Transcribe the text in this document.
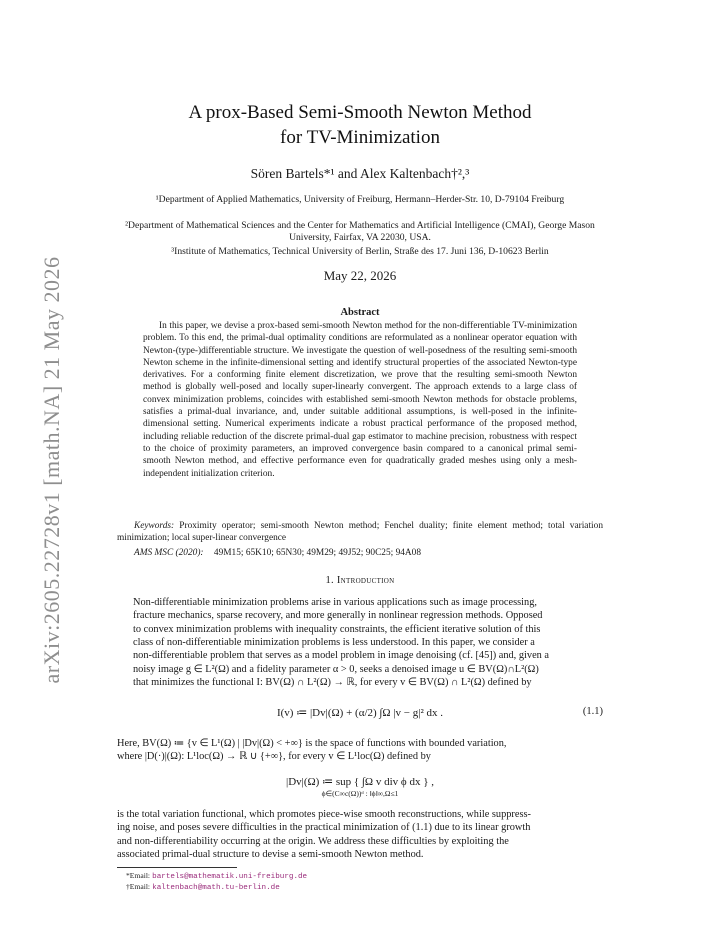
arXiv:2605.22728v1 [math.NA] 21 May 2026
A prox-Based Semi-Smooth Newton Method
for TV-Minimization
Sören Bartels*¹ and Alex Kaltenbach†²,³
¹Department of Applied Mathematics, University of Freiburg, Hermann–Herder-Str. 10, D-79104 Freiburg
²Department of Mathematical Sciences and the Center for Mathematics and Artificial Intelligence (CMAI), George Mason University, Fairfax, VA 22030, USA.
³Institute of Mathematics, Technical University of Berlin, Straße des 17. Juni 136, D-10623 Berlin
May 22, 2026
Abstract
In this paper, we devise a prox-based semi-smooth Newton method for the non-differentiable TV-minimization problem. To this end, the primal-dual optimality conditions are reformulated as a nonlinear operator equation with Newton-(type-)differentiable structure. We investigate the question of well-posedness of the resulting semi-smooth Newton scheme in the infinite-dimensional setting and identify structural properties of the associated Newton-type derivatives. For a conforming finite element discretization, we prove that the resulting semi-smooth Newton method is globally well-posed and locally super-linearly convergent. The approach extends to a large class of convex minimization problems, coincides with established semi-smooth Newton methods for obstacle problems, satisfies a primal-dual invariance, and, under suitable additional assumptions, is well-posed in the infinite-dimensional setting. Numerical experiments indicate a robust practical performance of the proposed method, including reliable reduction of the discrete primal-dual gap estimator to machine precision, robustness with respect to the choice of proximity parameters, an improved convergence basin compared to a canonical primal semi-smooth Newton method, and effective performance even for quadratically graded meshes using only a mesh-independent initialization criterion.
Keywords: Proximity operator; semi-smooth Newton method; Fenchel duality; finite element method; total variation minimization; local super-linear convergence
AMS MSC (2020): 49M15; 65K10; 65N30; 49M29; 49J52; 90C25; 94A08
1. Introduction
Non-differentiable minimization problems arise in various applications such as image processing,
fracture mechanics, sparse recovery, and more generally in nonlinear regression methods. Opposed
to convex minimization problems with inequality constraints, the efficient iterative solution of this
class of non-differentiable minimization problems is less understood. In this paper, we consider a
non-differentiable problem that serves as a model problem in image denoising (cf. [45]) and, given a
noisy image g ∈ L²(Ω) and a fidelity parameter α > 0, seeks a denoised image u ∈ BV(Ω)∩L²(Ω)
that minimizes the functional I: BV(Ω) ∩ L²(Ω) → ℝ, for every v ∈ BV(Ω) ∩ L²(Ω) defined by
I(v) ≔ |Dv|(Ω) + (α/2) ∫Ω |v − g|² dx .	(1.1)
Here, BV(Ω) ≔ {v ∈ L¹(Ω) | |Dv|(Ω) < +∞} is the space of functions with bounded variation,
where |D(·)|(Ω): L¹loc(Ω) → ℝ ∪ {+∞}, for every v ∈ L¹loc(Ω) defined by
|Dv|(Ω) ≔ sup { ∫Ω v div ϕ dx } ,
ϕ∈(C∞c(Ω))ᵈ : ‖ϕ‖∞,Ω≤1
is the total variation functional, which promotes piece-wise smooth reconstructions, while suppress-
ing noise, and poses severe difficulties in the practical minimization of (1.1) due to its linear growth
and non-differentiability occurring at the origin. We address these difficulties by exploiting the
associated primal-dual structure to devise a semi-smooth Newton method.
*Email: bartels@mathematik.uni-freiburg.de
†Email: kaltenbach@math.tu-berlin.de
